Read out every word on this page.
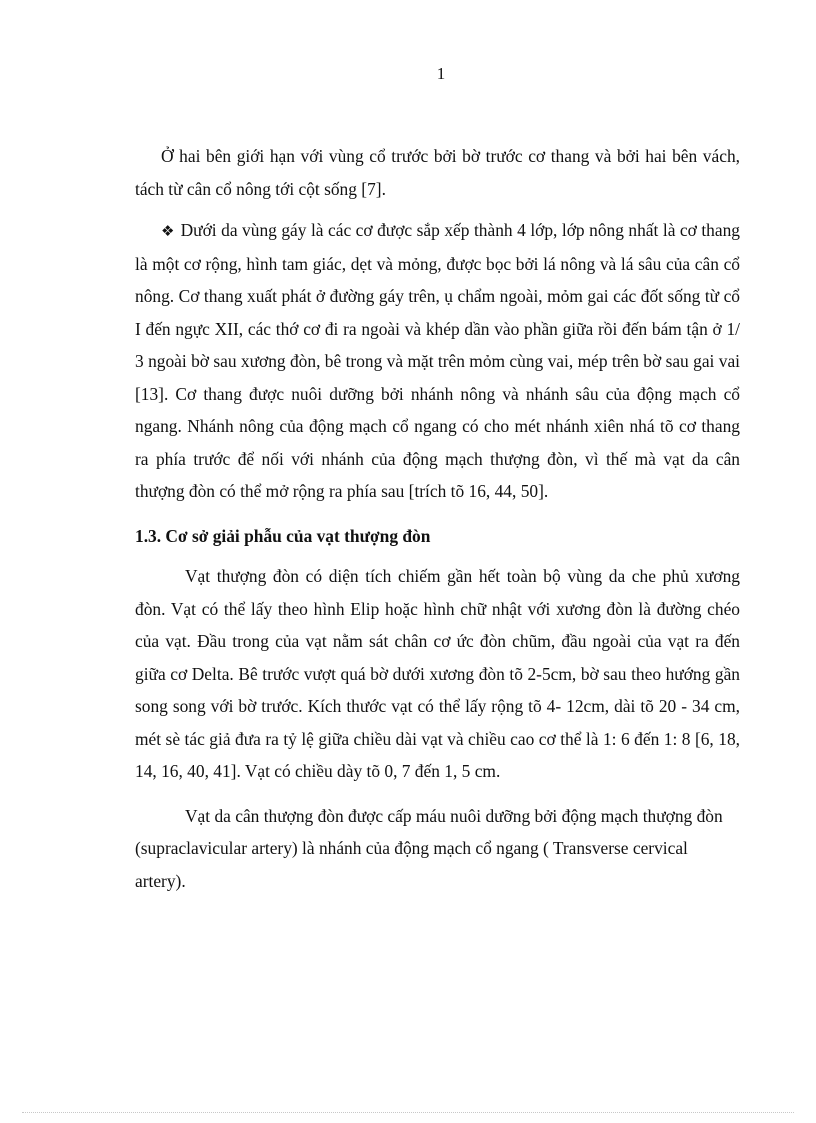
1

Ở hai bên giới hạn với vùng cổ trước bởi bờ trước cơ thang và bởi hai bên vách, tách từ cân cổ nông tới cột sống [7].

❖ Dưới da vùng gáy là các cơ được sắp xếp thành 4 lớp, lớp nông nhất là cơ thang là một cơ rộng, hình tam giác, dẹt và mỏng, được bọc bởi lá nông và lá sâu của cân cổ nông. Cơ thang xuất phát ở đường gáy trên, ụ chẩm ngoài, mỏm gai các đốt sống từ cổ I đến ngực XII, các thớ cơ đi ra ngoài và khép dần vào phần giữa rồi đến bám tận ở 1/ 3 ngoài bờ sau xương đòn, bê trong và mặt trên mỏm cùng vai, mép trên bờ sau gai vai [13]. Cơ thang được nuôi dưỡng bởi nhánh nông và nhánh sâu của động mạch cổ ngang. Nhánh nông của động mạch cổ ngang có cho mét nhánh xiên nhá tõ cơ thang ra phía trước để nối với nhánh của động mạch thượng đòn, vì thế mà vạt da cân thượng đòn có thể mở rộng ra phía sau [trích tõ 16, 44, 50].

1.3. Cơ sở giải phẫu của vạt thượng đòn

Vạt thượng đòn có diện tích chiếm gần hết toàn bộ vùng da che phủ xương đòn. Vạt có thể lấy theo hình Elip hoặc hình chữ nhật với xương đòn là đường chéo của vạt. Đầu trong của vạt nằm sát chân cơ ức đòn chũm, đầu ngoài của vạt ra đến giữa cơ Delta. Bê trước vượt quá bờ dưới xương đòn tõ 2-5cm, bờ sau theo hướng gần song song với bờ trước. Kích thước vạt có thể lấy rộng tõ 4- 12cm, dài tõ 20 - 34 cm, mét sè tác giả đưa ra tỷ lệ giữa chiều dài vạt và chiều cao cơ thể là 1: 6 đến 1: 8 [6, 18, 14, 16, 40, 41]. Vạt có chiều dày tõ 0, 7 đến 1, 5 cm.

Vạt da cân thượng đòn được cấp máu nuôi dưỡng bởi động mạch thượng đòn (supraclavicular artery) là nhánh của động mạch cổ ngang ( Transverse cervical artery).
